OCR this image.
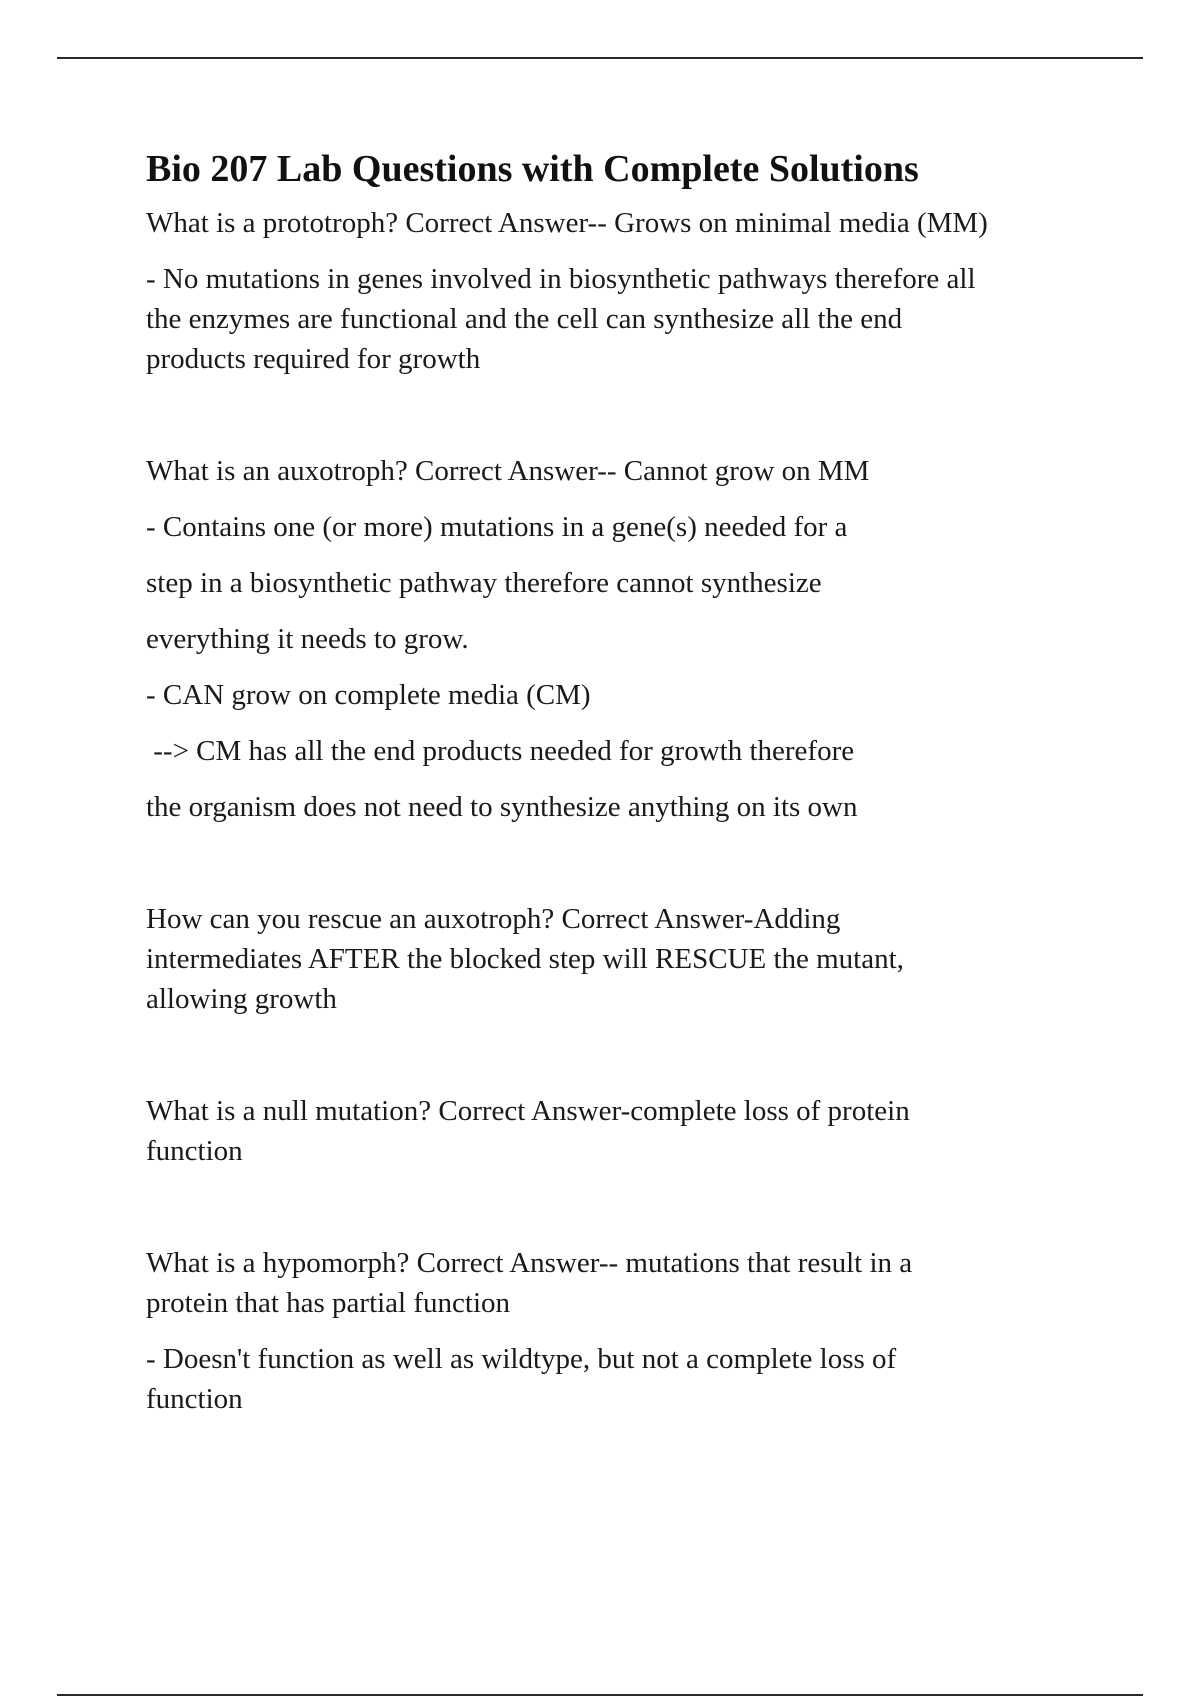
Bio 207 Lab Questions with Complete Solutions

What is a prototroph? Correct Answer-- Grows on minimal media (MM)

- No mutations in genes involved in biosynthetic pathways therefore all

the enzymes are functional and the cell can synthesize all the end

products required for growth

What is an auxotroph? Correct Answer-- Cannot grow on MM

- Contains one (or more) mutations in a gene(s) needed for a

step in a biosynthetic pathway therefore cannot synthesize

everything it needs to grow.

- CAN grow on complete media (CM)

--> CM has all the end products needed for growth therefore

the organism does not need to synthesize anything on its own

How can you rescue an auxotroph? Correct Answer-Adding

intermediates AFTER the blocked step will RESCUE the mutant,

allowing growth

What is a null mutation? Correct Answer-complete loss of protein

function

What is a hypomorph? Correct Answer-- mutations that result in a

protein that has partial function

- Doesn't function as well as wildtype, but not a complete loss of

function
